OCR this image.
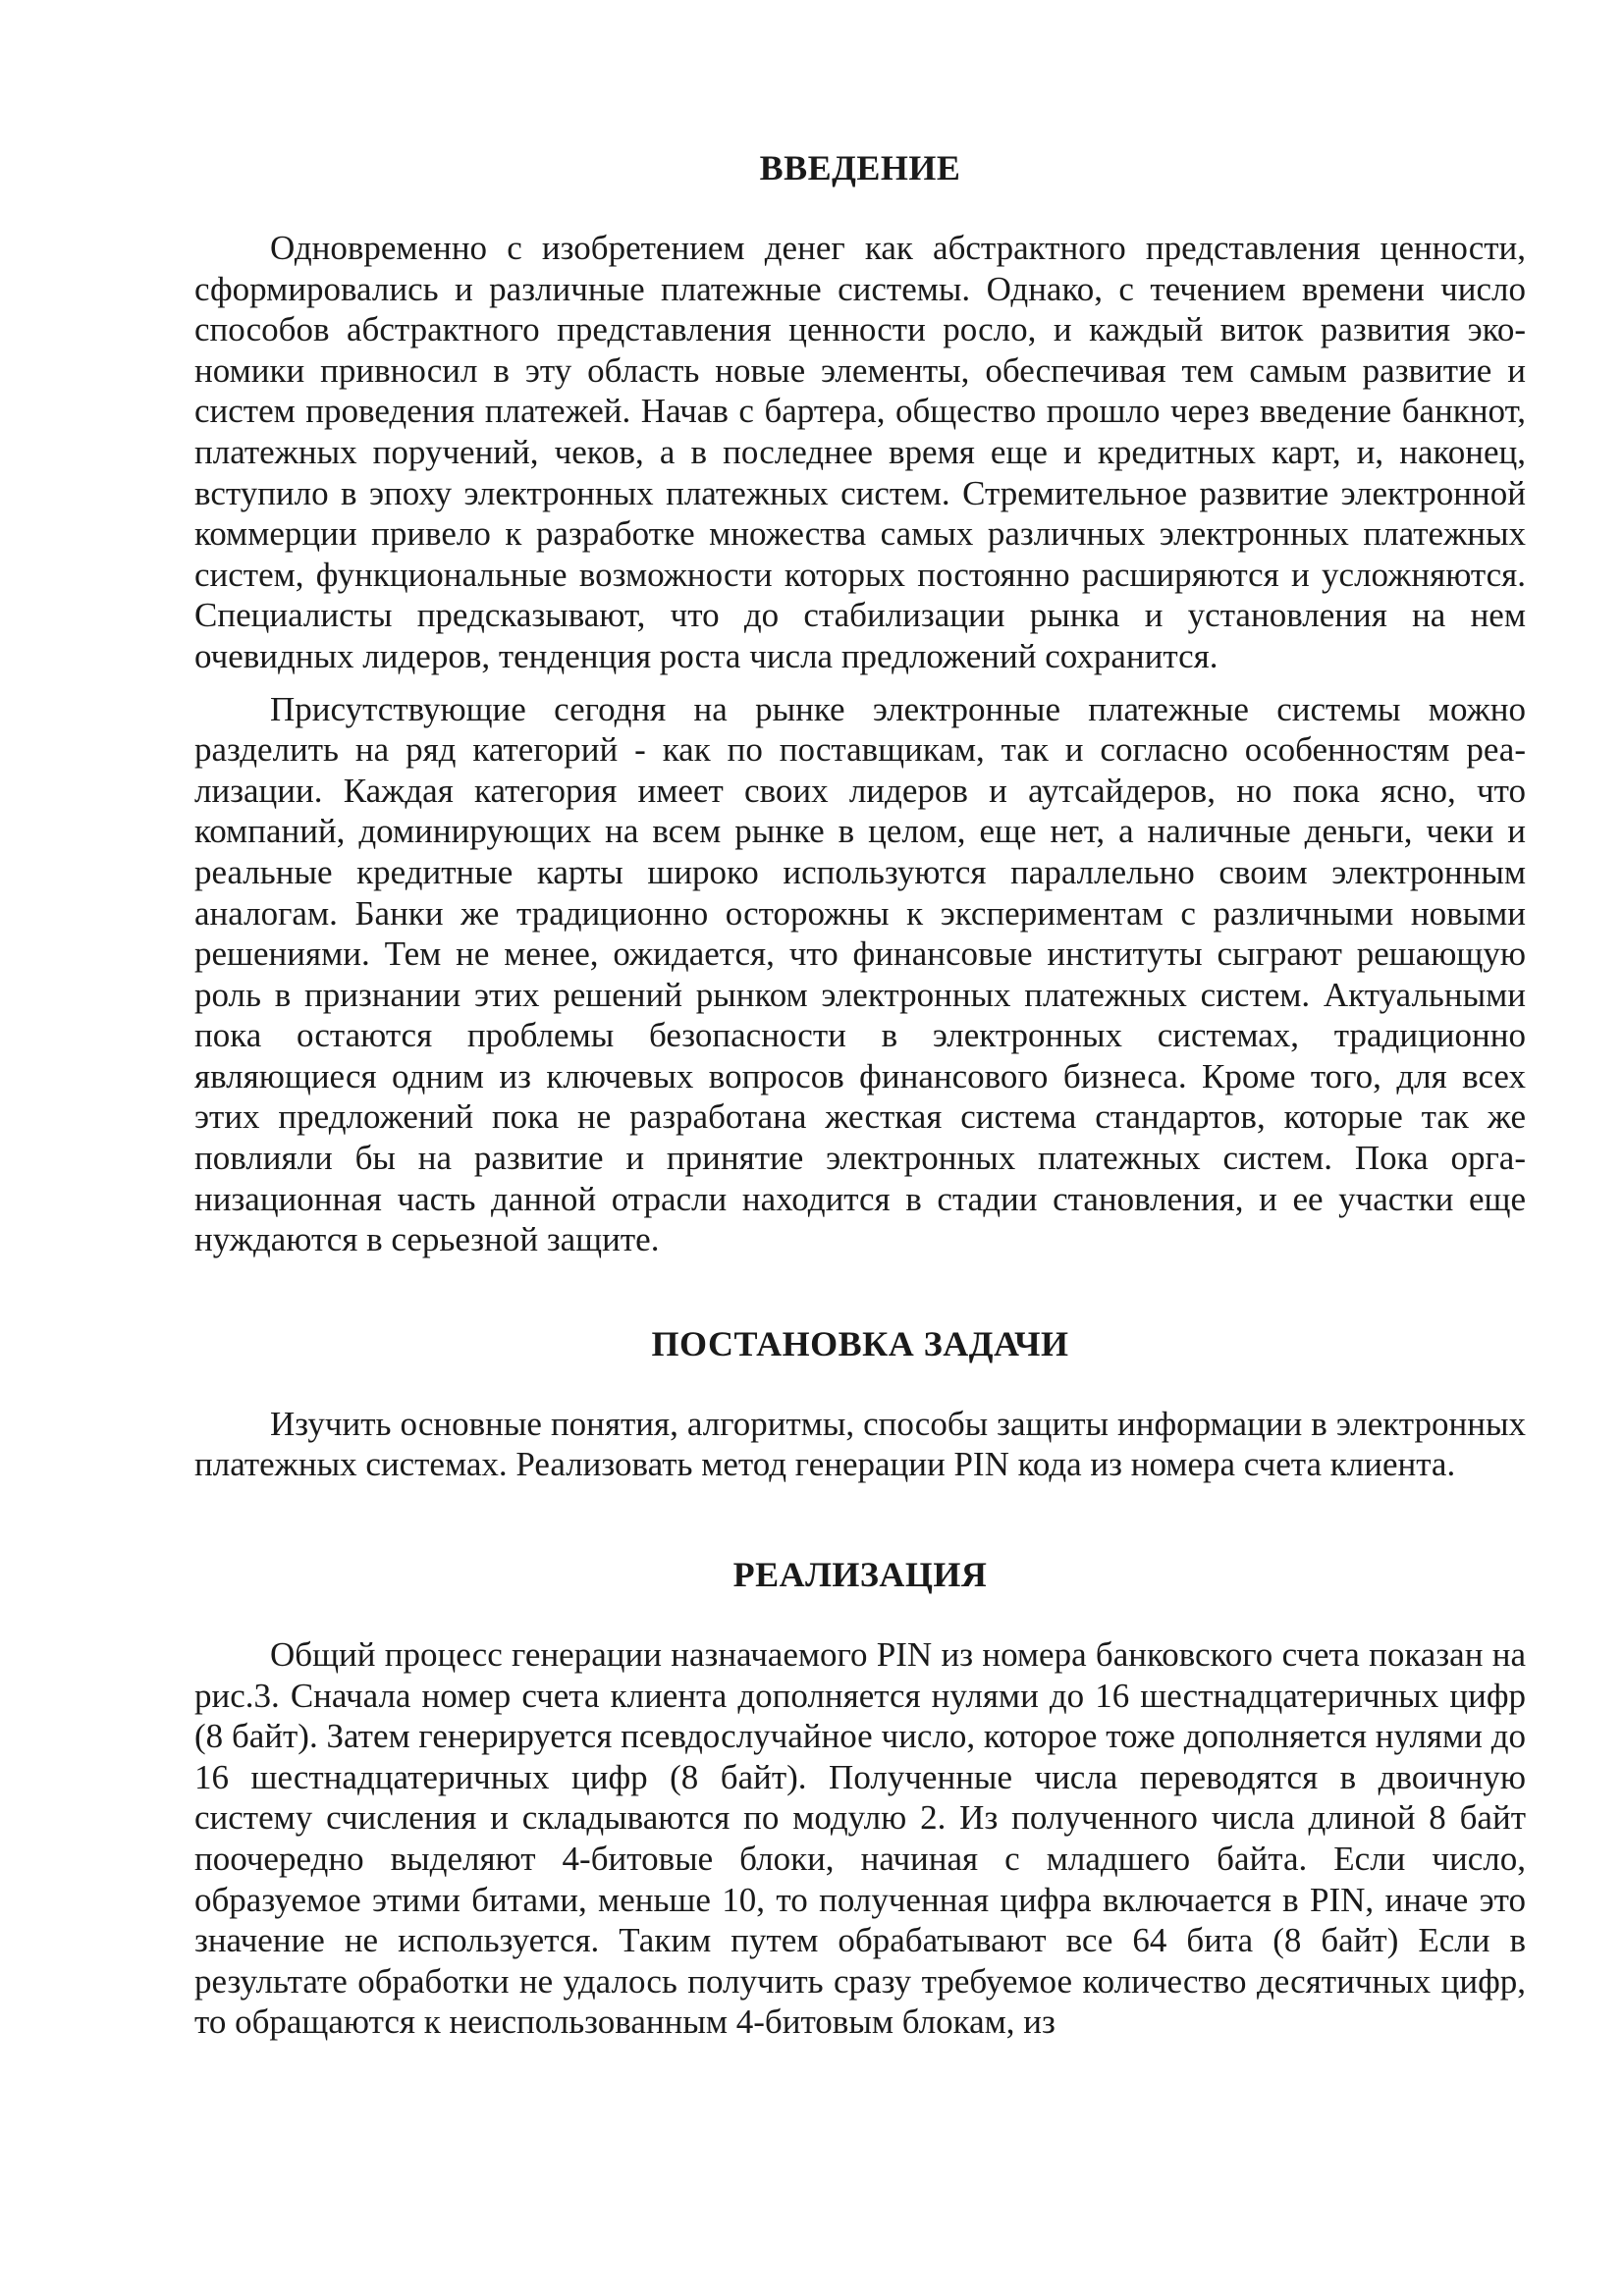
ВВЕДЕНИЕ

Одновременно с изобретением денег как абстрактного представления ценности, сформировались и различные платежные системы. Однако, с течением времени число способов абстрактного представления ценности росло, и каждый виток развития экономики привносил в эту область новые элементы, обеспечивая тем самым развитие и систем проведения платежей. Начав с бартера, общество прошло через введение банкнот, платежных поручений, чеков, а в последнее время еще и кредитных карт, и, наконец, вступило в эпоху электронных платежных систем. Стремительное развитие электронной коммерции привело к разработке множества самых различных электронных платежных систем, функциональные возможности которых постоянно расширяются и усложняются. Специалисты предсказывают, что до стабилизации рынка и установления на нем очевидных лидеров, тенденция роста числа предложений сохранится.

Присутствующие сегодня на рынке электронные платежные системы можно разделить на ряд категорий - как по поставщикам, так и согласно особенностям реализации. Каждая категория имеет своих лидеров и аутсайдеров, но пока ясно, что компаний, доминирующих на всем рынке в целом, еще нет, а наличные деньги, чеки и реальные кредитные карты широко используются параллельно своим электронным аналогам. Банки же традиционно осторожны к экспериментам с различными новыми решениями. Тем не менее, ожидается, что финансовые институты сыграют решающую роль в признании этих решений рынком электронных платежных систем. Актуальными пока остаются проблемы безопасности в электронных системах, традиционно являющиеся одним из ключевых вопросов финансового бизнеса. Кроме того, для всех этих предложений пока не разработана жесткая система стандартов, которые так же повлияли бы на развитие и принятие электронных платежных систем. Пока организационная часть данной отрасли находится в стадии становления, и ее участки еще нуждаются в серьезной защите.

ПОСТАНОВКА ЗАДАЧИ

Изучить основные понятия, алгоритмы, способы защиты информации в электронных платежных системах. Реализовать метод генерации PIN кода из номера счета клиента.

РЕАЛИЗАЦИЯ

Общий процесс генерации назначаемого PIN из номера банковского счета показан на рис.3. Сначала номер счета клиента дополняется нулями до 16 шестнадцатеричных цифр (8 байт). Затем генерируется псевдослучайное число, которое тоже дополняется нулями до 16 шестнадцатеричных цифр (8 байт). Полученные числа переводятся в двоичную систему счисления и складываются по модулю 2. Из полученного числа длиной 8 байт поочередно выделяют 4-битовые блоки, начиная с младшего байта. Если число, образуемое этими битами, меньше 10, то полученная цифра включается в PIN, иначе это значение не используется. Таким путем обрабатывают все 64 бита (8 байт) Если в результате обработки не удалось получить сразу требуемое количество десятичных цифр, то обращаются к неиспользованным 4-битовым блокам, из
